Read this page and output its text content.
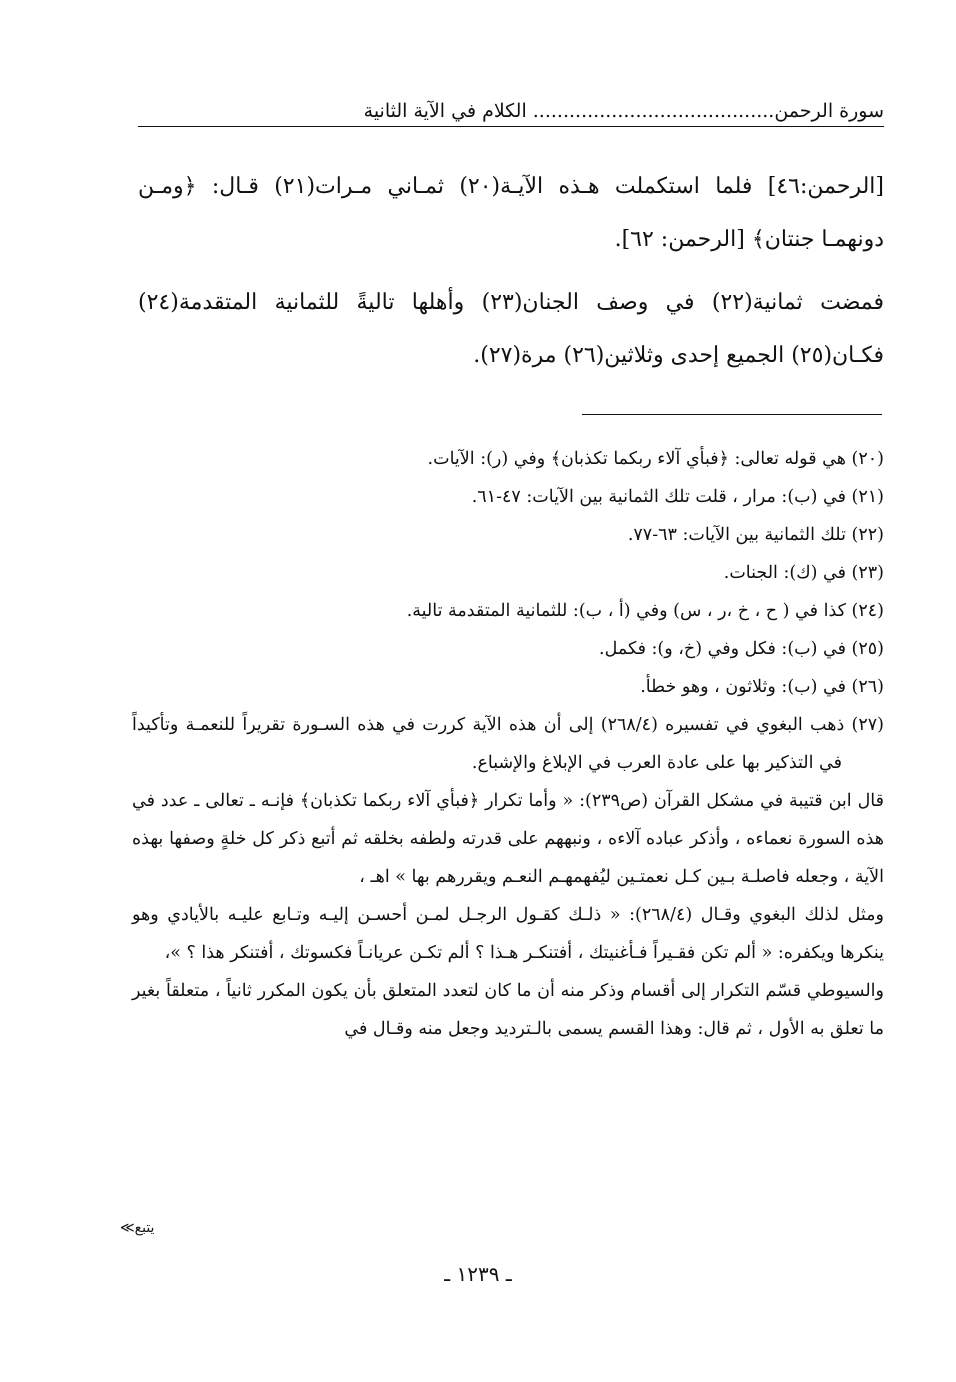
سورة الرحمن........................................ الكلام في الآية الثانية

[الرحمن:٤٦] فلما استكملت هـذه الآيـة(٢٠) ثمـاني مـرات(٢١) قـال: ﴿ومـن دونهمـا جنتان﴾ [الرحمن: ٦٢].

فمضت ثمانية(٢٢) في وصف الجنان(٢٣) وأهلها تاليةً للثمانية المتقدمة(٢٤) فكـان(٢٥) الجميع إحدى وثلاثين(٢٦) مرة(٢٧).

(٢٠) هي قوله تعالى: ﴿فبأي آلاء ربكما تكذبان﴾ وفي (ر): الآيات.
(٢١) في (ب): مرار ، قلت تلك الثمانية بين الآيات: ٤٧-٦١.
(٢٢) تلك الثمانية بين الآيات: ٦٣-٧٧.
(٢٣) في (ك): الجنات.
(٢٤) كذا في ( ح ، خ ،ر ، س) وفي (أ ، ب): للثمانية المتقدمة تالية.
(٢٥) في (ب): فكل وفي (خ، و): فكمل.
(٢٦) في (ب): وثلاثون ، وهو خطأ.
(٢٧) ذهب البغوي في تفسيره (٢٦٨/٤) إلى أن هذه الآية كررت في هذه السـورة تقريراً للنعمـة وتأكيداً في التذكير بها على عادة العرب في الإبلاغ والإشباع.
قال ابن قتيبة في مشكل القرآن (ص٢٣٩): « وأما تكرار ﴿فبأي آلاء ربكما تكذبان﴾ فإنـه ـ تعالى ـ عدد في هذه السورة نعماءه ، وأذكر عباده آلاءه ، ونبههم على قدرته ولطفه بخلقه ثم أتبع ذكر كل خلةٍ وصفها بهذه الآية ، وجعله فاصلـة بـين كـل نعمتـين ليُفهمهـم النعـم ويقررهم بها » اهـ ،
ومثل لذلك البغوي وقـال (٢٦٨/٤): « ذلـك كقـول الرجـل لمـن أحسـن إليـه وتـابع عليـه بالأيادي وهو ينكرها ويكفره: « ألم تكن فقـيراً فـأغنيتك ، أفتنكـر هـذا ؟ ألم تكـن عريانـاً فكسوتك ، أفتنكر هذا ؟ »،
والسيوطي قسّم التكرار إلى أقسام وذكر منه أن ما كان لتعدد المتعلق بأن يكون المكرر ثانياً ، متعلقاً بغير ما تعلق به الأول ، ثم قال: وهذا القسم يسمى بالـترديد وجعل منه وقـال في
يتبع≫
ـ ١٢٣٩ ـ
